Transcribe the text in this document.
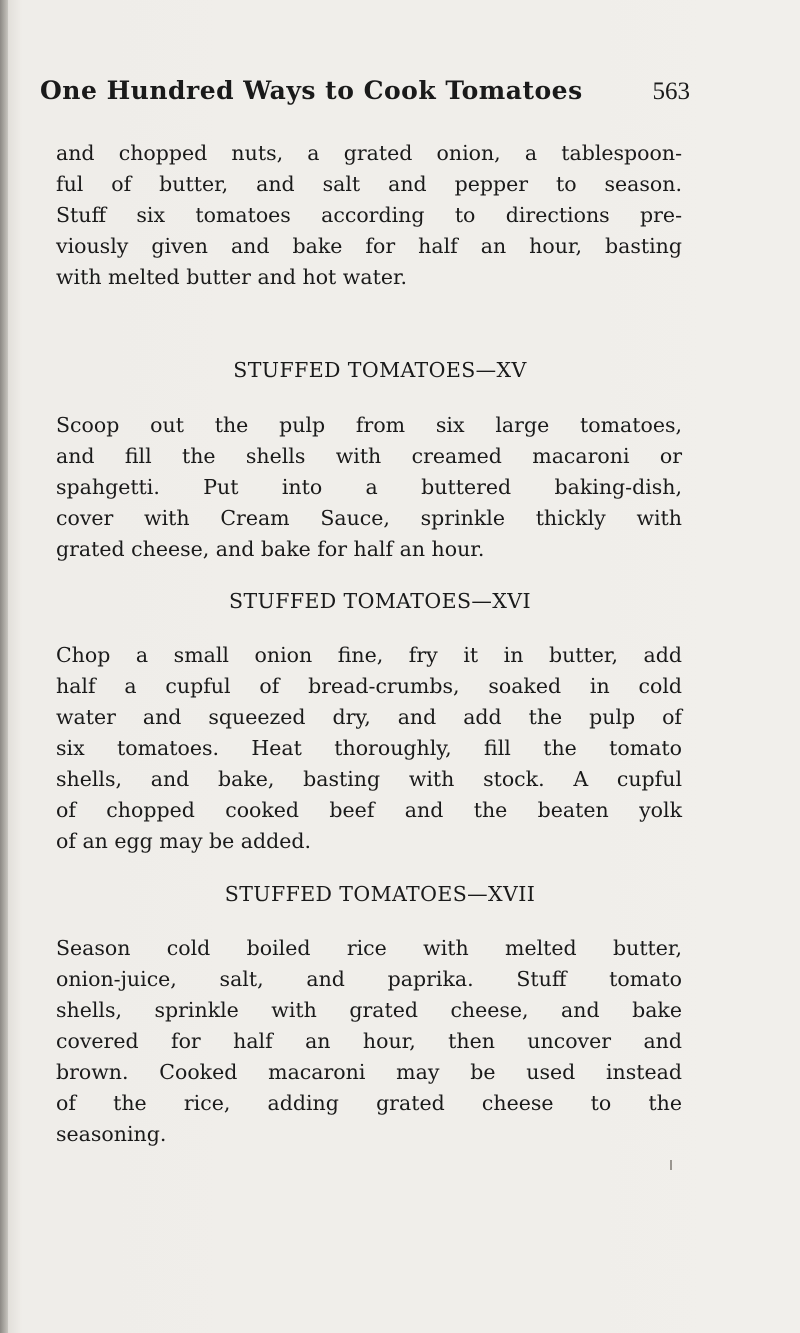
One Hundred Ways to Cook Tomatoes	563
and chopped nuts, a grated onion, a tablespoon-
ful of butter, and salt and pepper to season.
Stuff six tomatoes according to directions pre-
viously given and bake for half an hour, basting
with melted butter and hot water.
STUFFED TOMATOES—XV
Scoop out the pulp from six large tomatoes,
and fill the shells with creamed macaroni or
spahgetti. Put into a buttered baking-dish,
cover with Cream Sauce, sprinkle thickly with
grated cheese, and bake for half an hour.
STUFFED TOMATOES—XVI
Chop a small onion fine, fry it in butter, add
half a cupful of bread-crumbs, soaked in cold
water and squeezed dry, and add the pulp of
six tomatoes. Heat thoroughly, fill the tomato
shells, and bake, basting with stock. A cupful
of chopped cooked beef and the beaten yolk
of an egg may be added.
STUFFED TOMATOES—XVII
Season cold boiled rice with melted butter,
onion-juice, salt, and paprika. Stuff tomato
shells, sprinkle with grated cheese, and bake
covered for half an hour, then uncover and
brown. Cooked macaroni may be used instead
of the rice, adding grated cheese to the
seasoning.
